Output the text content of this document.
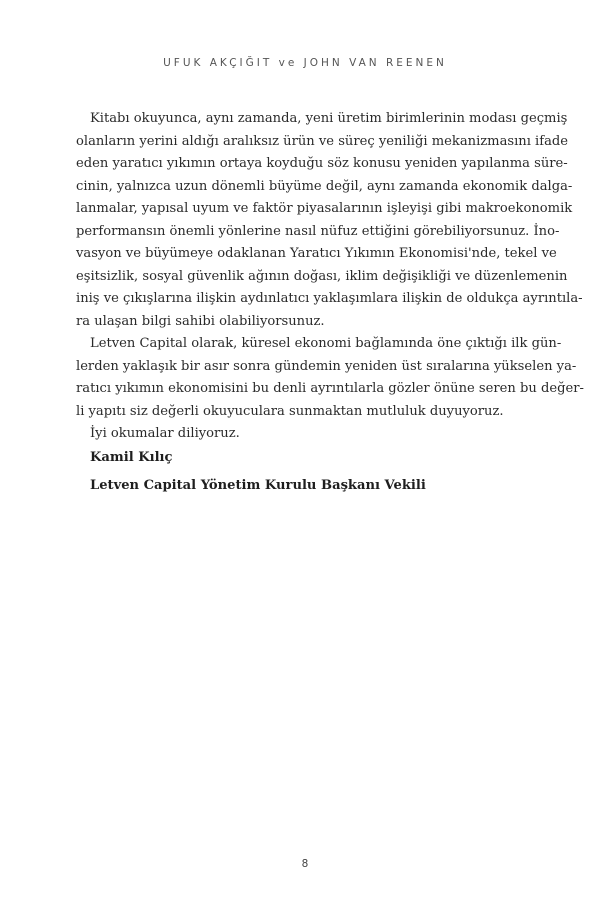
UFUK AKÇIĞIT ve JOHN VAN REENEN
Kitabı okuyunca, aynı zamanda, yeni üretim birimlerinin modası geçmiş
olanların yerini aldığı aralıksız ürün ve süreç yeniliği mekanizmasını ifade
eden yaratıcı yıkımın ortaya koyduğu söz konusu yeniden yapılanma süre-
cinin, yalnızca uzun dönemli büyüme değil, aynı zamanda ekonomik dalga-
lanmalar, yapısal uyum ve faktör piyasalarının işleyişi gibi makroekonomik
performansın önemli yönlerine nasıl nüfuz ettiğini görebiliyorsunuz. İno-
vasyon ve büyümeye odaklanan Yaratıcı Yıkımın Ekonomisi'nde, tekel ve
eşitsizlik, sosyal güvenlik ağının doğası, iklim değişikliği ve düzenlemenin
iniş ve çıkışlarına ilişkin aydınlatıcı yaklaşımlara ilişkin de oldukça ayrıntıla-
ra ulaşan bilgi sahibi olabiliyorsunuz.
Letven Capital olarak, küresel ekonomi bağlamında öne çıktığı ilk gün-
lerden yaklaşık bir asır sonra gündemin yeniden üst sıralarına yükselen ya-
ratıcı yıkımın ekonomisini bu denli ayrıntılarla gözler önüne seren bu değer-
li yapıtı siz değerli okuyuculara sunmaktan mutluluk duyuyoruz.
İyi okumalar diliyoruz.
Kamil Kılıç
Letven Capital Yönetim Kurulu Başkanı Vekili
8
